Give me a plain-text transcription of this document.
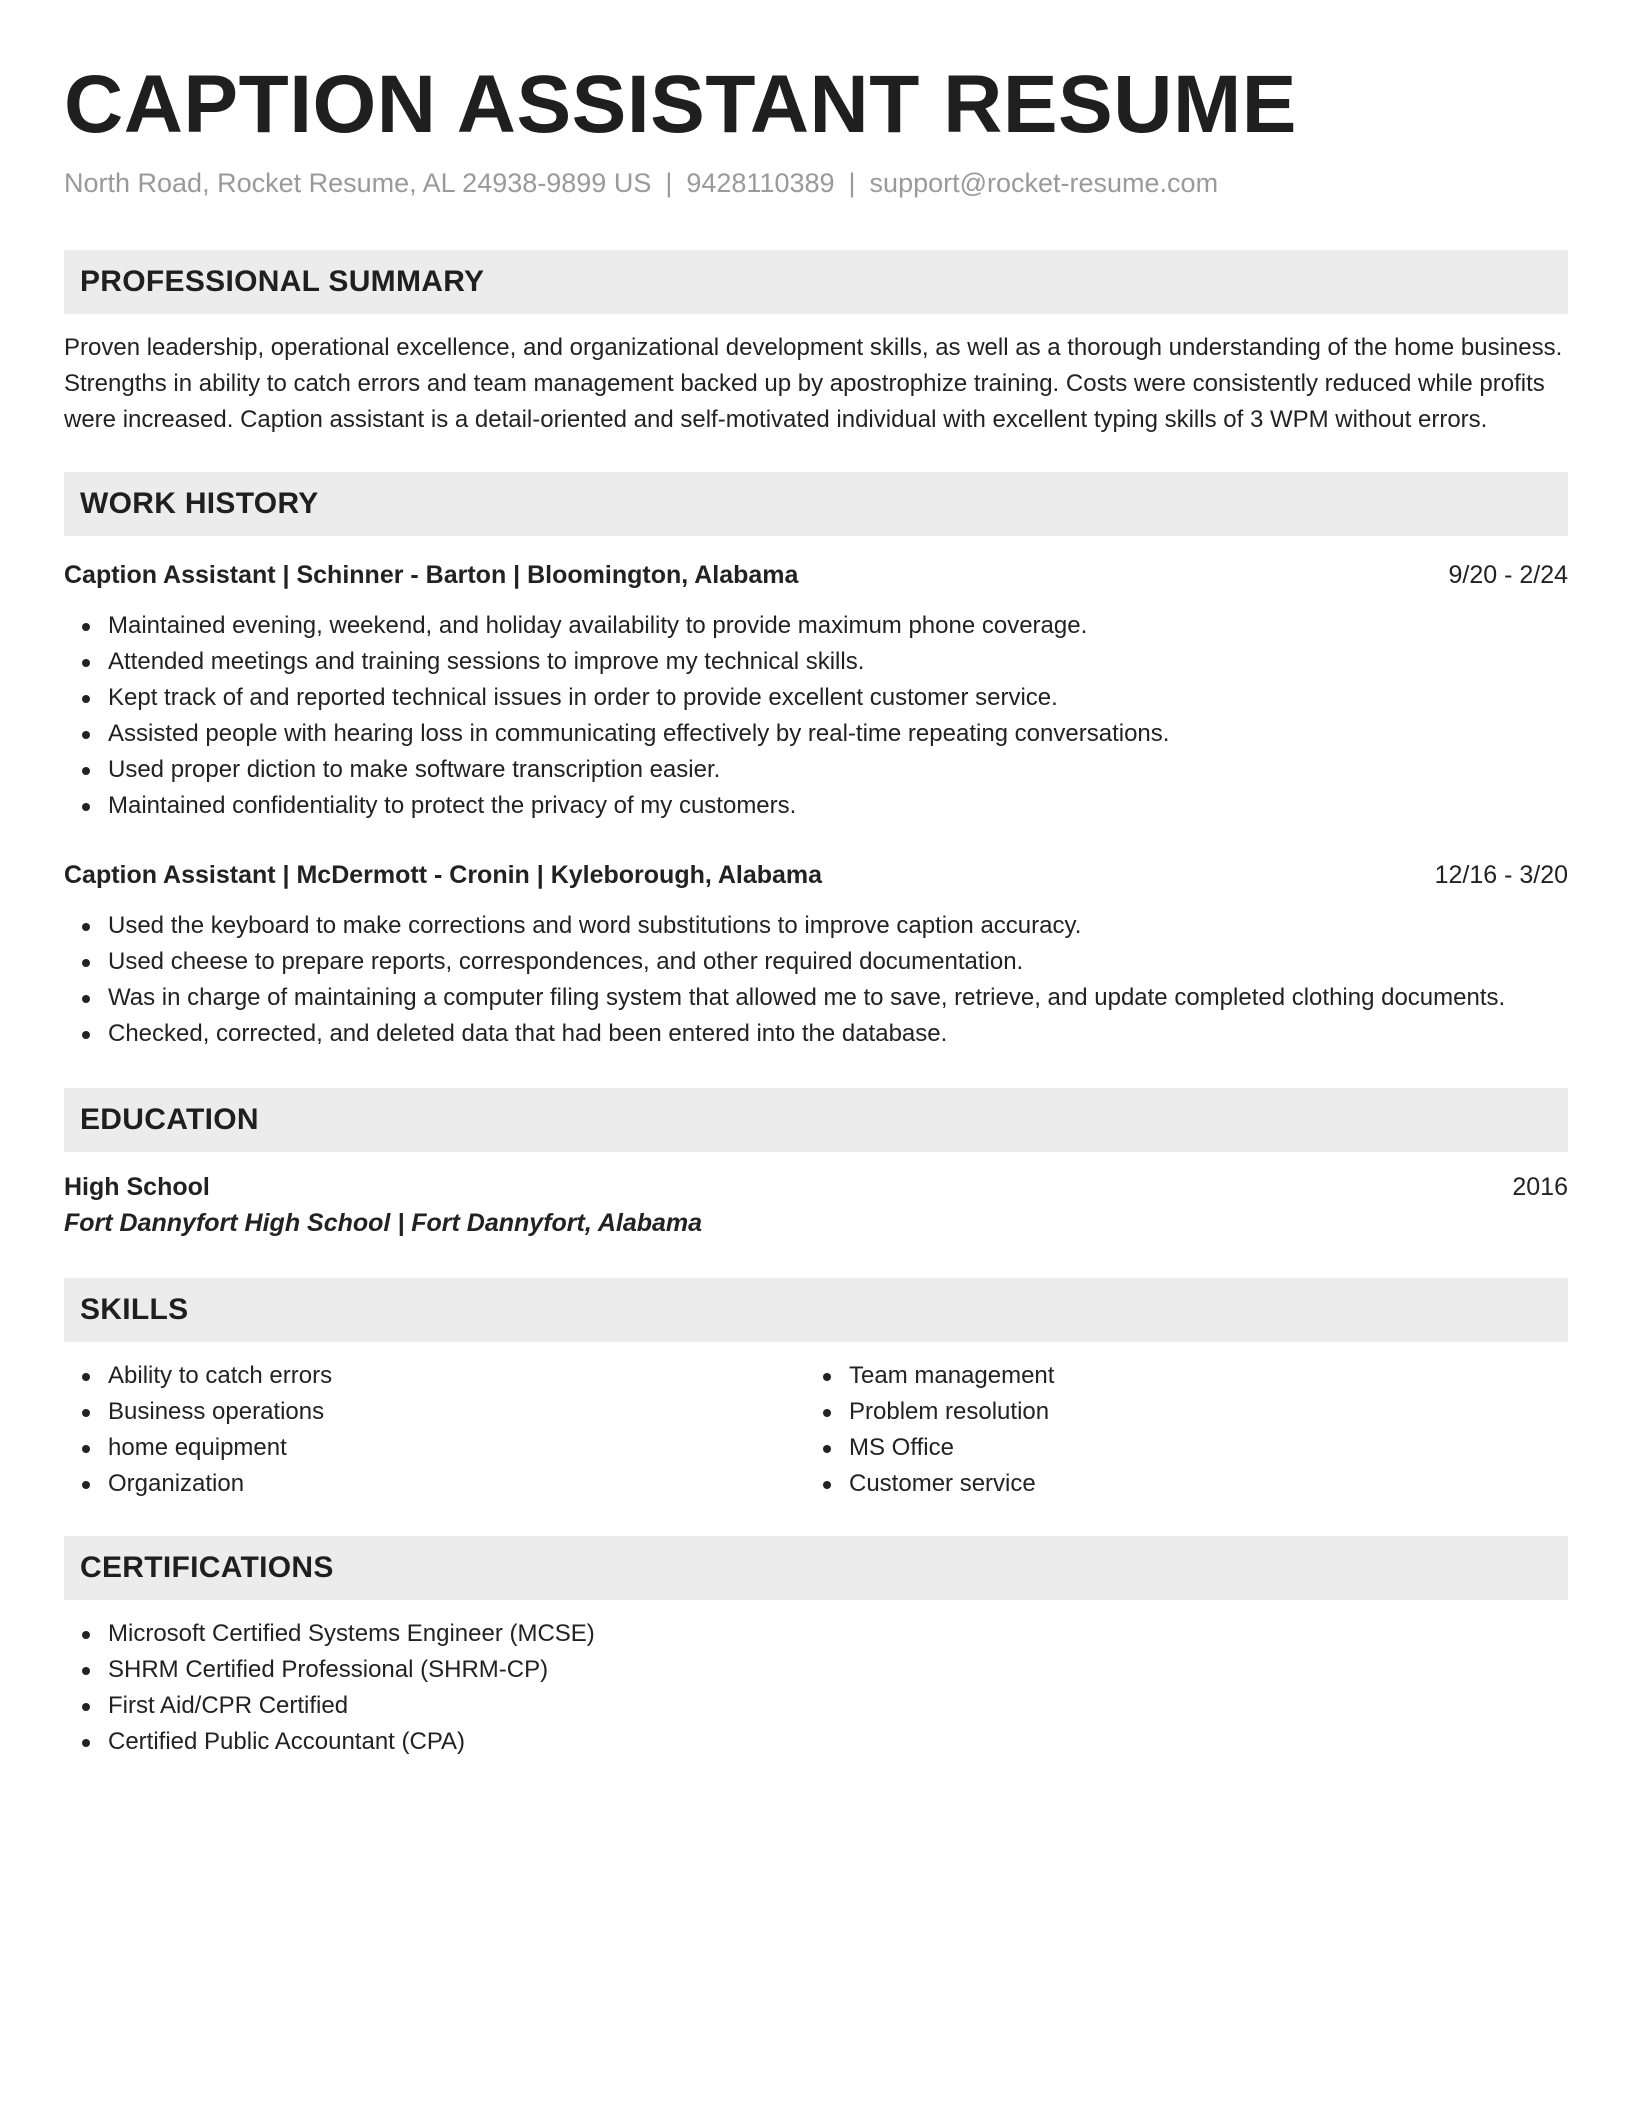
CAPTION ASSISTANT RESUME
North Road, Rocket Resume, AL 24938-9899 US | 9428110389 | support@rocket-resume.com
PROFESSIONAL SUMMARY
Proven leadership, operational excellence, and organizational development skills, as well as a thorough understanding of the home business. Strengths in ability to catch errors and team management backed up by apostrophize training. Costs were consistently reduced while profits were increased. Caption assistant is a detail-oriented and self-motivated individual with excellent typing skills of 3 WPM without errors.
WORK HISTORY
Caption Assistant | Schinner - Barton | Bloomington, Alabama	9/20 - 2/24
Maintained evening, weekend, and holiday availability to provide maximum phone coverage.
Attended meetings and training sessions to improve my technical skills.
Kept track of and reported technical issues in order to provide excellent customer service.
Assisted people with hearing loss in communicating effectively by real-time repeating conversations.
Used proper diction to make software transcription easier.
Maintained confidentiality to protect the privacy of my customers.
Caption Assistant | McDermott - Cronin | Kyleborough, Alabama	12/16 - 3/20
Used the keyboard to make corrections and word substitutions to improve caption accuracy.
Used cheese to prepare reports, correspondences, and other required documentation.
Was in charge of maintaining a computer filing system that allowed me to save, retrieve, and update completed clothing documents.
Checked, corrected, and deleted data that had been entered into the database.
EDUCATION
High School	2016
Fort Dannyfort High School | Fort Dannyfort, Alabama
SKILLS
Ability to catch errors
Business operations
home equipment
Organization
Team management
Problem resolution
MS Office
Customer service
CERTIFICATIONS
Microsoft Certified Systems Engineer (MCSE)
SHRM Certified Professional (SHRM-CP)
First Aid/CPR Certified
Certified Public Accountant (CPA)
